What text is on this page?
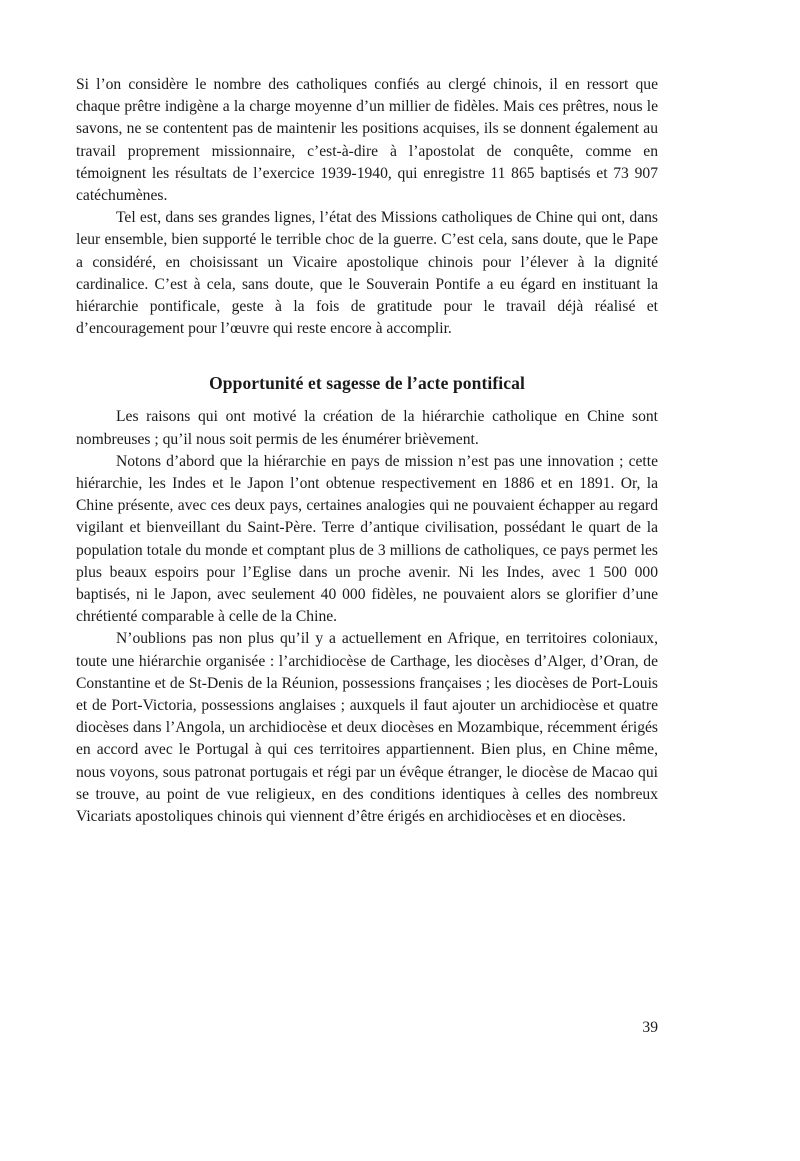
Si l’on considère le nombre des catholiques confiés au clergé chinois, il en ressort que chaque prêtre indigène a la charge moyenne d’un millier de fidèles. Mais ces prêtres, nous le savons, ne se contentent pas de maintenir les positions acquises, ils se donnent également au travail proprement missionnaire, c’est-à-dire à l’apostolat de conquête, comme en témoignent les résultats de l’exercice 1939-1940, qui enregistre 11 865 baptisés et 73 907 catéchumènes.

Tel est, dans ses grandes lignes, l’état des Missions catholiques de Chine qui ont, dans leur ensemble, bien supporté le terrible choc de la guerre. C’est cela, sans doute, que le Pape a considéré, en choisissant un Vicaire apostolique chinois pour l’élever à la dignité cardinalice. C’est à cela, sans doute, que le Souverain Pontife a eu égard en instituant la hiérarchie pontificale, geste à la fois de gratitude pour le travail déjà réalisé et d’encouragement pour l’œuvre qui reste encore à accomplir.

Opportunité et sagesse de l’acte pontifical

Les raisons qui ont motivé la création de la hiérarchie catholique en Chine sont nombreuses ; qu’il nous soit permis de les énumérer brièvement.

Notons d’abord que la hiérarchie en pays de mission n’est pas une innovation ; cette hiérarchie, les Indes et le Japon l’ont obtenue respectivement en 1886 et en 1891. Or, la Chine présente, avec ces deux pays, certaines analogies qui ne pouvaient échapper au regard vigilant et bienveillant du Saint-Père. Terre d’antique civilisation, possédant le quart de la population totale du monde et comptant plus de 3 millions de catholiques, ce pays permet les plus beaux espoirs pour l’Eglise dans un proche avenir. Ni les Indes, avec 1 500 000 baptisés, ni le Japon, avec seulement 40 000 fidèles, ne pouvaient alors se glorifier d’une chrétienté comparable à celle de la Chine.

N’oublions pas non plus qu’il y a actuellement en Afrique, en territoires coloniaux, toute une hiérarchie organisée : l’archidiocèse de Carthage, les diocèses d’Alger, d’Oran, de Constantine et de St-Denis de la Réunion, possessions françaises ; les diocèses de Port-Louis et de Port-Victoria, possessions anglaises ; auxquels il faut ajouter un archidiocèse et quatre diocèses dans l’Angola, un archidiocèse et deux diocèses en Mozambique, récemment érigés en accord avec le Portugal à qui ces territoires appartiennent. Bien plus, en Chine même, nous voyons, sous patronat portugais et régi par un évêque étranger, le diocèse de Macao qui se trouve, au point de vue religieux, en des conditions identiques à celles des nombreux Vicariats apostoliques chinois qui viennent d’être érigés en archidiocèses et en diocèses.

39
